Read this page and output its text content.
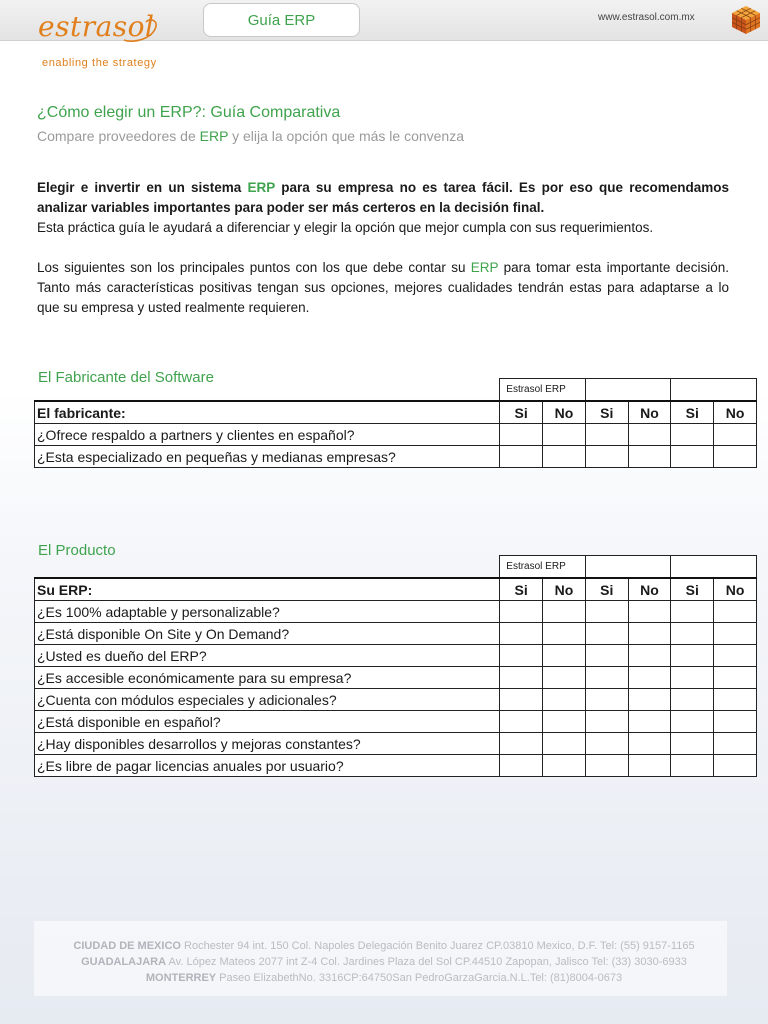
estrasol
enabling the strategy
Guía ERP	www.estrasol.com.mx
¿Cómo elegir un ERP?: Guía Comparativa
Compare proveedores de ERP y elija la opción que más le convenza
Elegir e invertir en un sistema ERP para su empresa no es tarea fácil. Es por eso que recomendamos analizar variables importantes para poder ser más certeros en la decisión final.
Esta práctica guía le ayudará a diferenciar y elegir la opción que mejor cumpla con sus requerimientos.
Los siguientes son los principales puntos con los que debe contar su ERP para tomar esta importante decisión. Tanto más características positivas tengan sus opciones, mejores cualidades tendrán estas para adaptarse a lo que su empresa y usted realmente requieren.
El Fabricante del Software
	Estrasol ERP					
El fabricante:	Si	No	Si	No	Si	No
¿Ofrece respaldo a partners y clientes en español?						
¿Esta especializado en pequeñas y medianas empresas?						
El Producto
	Estrasol ERP					
Su ERP:	Si	No	Si	No	Si	No
¿Es 100% adaptable y personalizable?						
¿Está disponible On Site y On Demand?						
¿Usted es dueño del ERP?						
¿Es accesible económicamente para su empresa?						
¿Cuenta con módulos especiales y adicionales?						
¿Está disponible en español?						
¿Hay disponibles desarrollos y mejoras constantes?						
¿Es libre de pagar licencias anuales por usuario?						
CIUDAD DE MEXICO Rochester 94 int. 150 Col. Napoles Delegación Benito Juarez CP.03810 Mexico, D.F. Tel: (55) 9157-1165
GUADALAJARA Av. López Mateos 2077 int Z-4 Col. Jardines Plaza del Sol CP.44510 Zapopan, Jalisco Tel: (33) 3030-6933
MONTERREY Paseo ElizabethNo. 3316CP:64750San PedroGarzaGarcia.N.L.Tel: (81)8004-0673
